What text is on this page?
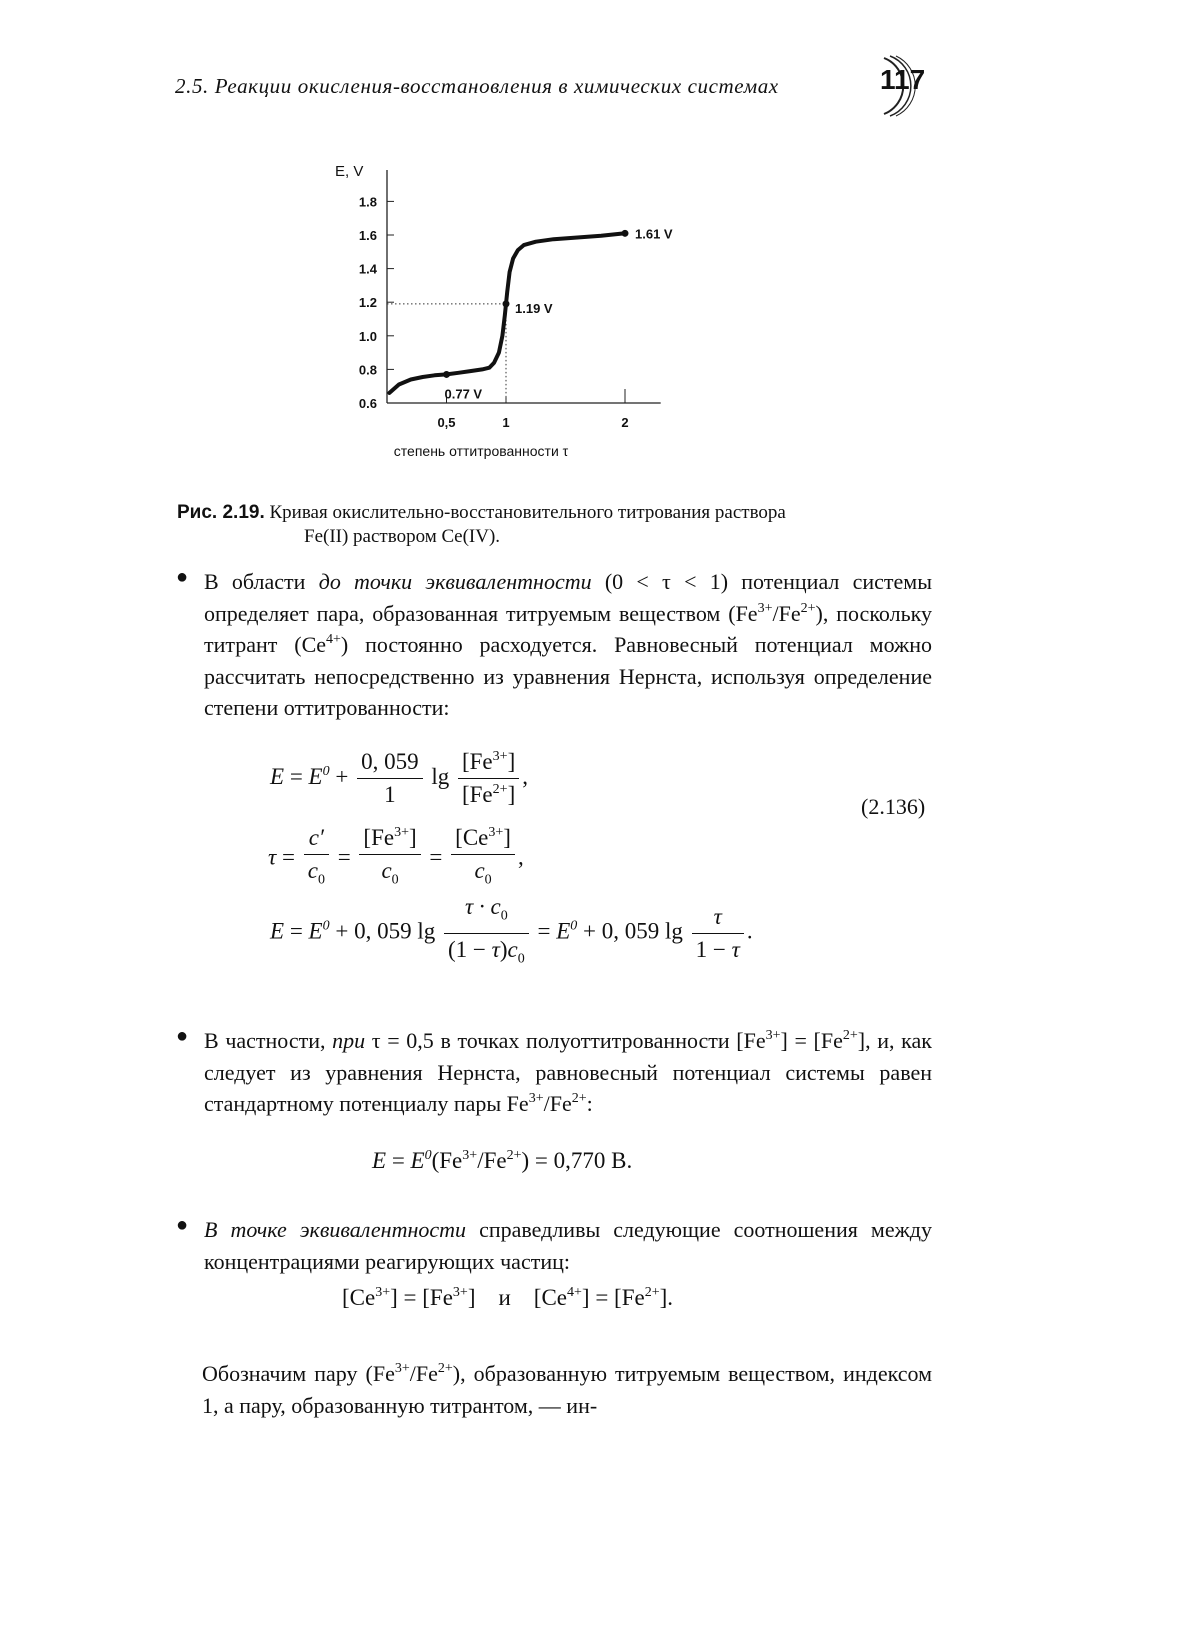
2.5. Реакции окисления-восстановления в химических системах	117
E, V
1.8
1.6
1.4
1.2
1.0
0.8
0.6
0,5	1	2
степень оттитрованности τ
0.77 V
1.19 V
1.61 V
Рис. 2.19. Кривая окислительно-восстановительного титрования раствора
Fe(II) раствором Ce(IV).
● В области до точки эквивалентности (0 < τ < 1) потенциал системы определяет пара, образованная титруемым веществом $(Fe^{3+}/Fe^{2+})$, поскольку титрант $(Ce^{4+})$ постоянно расходуется. Равновесный потенциал можно рассчитать непосредственно из уравнения Нернста, используя определение степени оттитрованности:
$E = E^0 + \frac{0, 059}{1}$ $\lg \frac{[Fe^{3+}]}{[Fe^{2+}]}$ ,
(2.136)
$\tau = \frac{c'}{c_0} = \frac{[Fe^{3+}]}{c_0} = \frac{[Ce^{3+}]}{c_0}$ ,
$E = E^0 + 0$, 059 $\lg \frac{\tau \cdot c_0}{(1 - \tau)c_0} = E^0 + 0$, 059 $\lg \frac{\tau}{1 - \tau}$ .
● В частности, при τ = 0,5 в точках полуоттитрованности $[Fe^{3+}] = [Fe^{2+}]$, и, как следует из уравнения Нернста, равновесный потенциал системы равен стандартному потенциалу пары $Fe^{3+}/Fe^{2+}$:
$E = E^0(Fe^{3+}/Fe^{2+}) = 0,770$ В.
● В точке эквивалентности справедливы следующие соотношения между концентрациями реагирующих частиц:
$[Ce^{3+}] = [Fe^{3+}]$    и    $[Ce^{4+}] = [Fe^{2+}]$.
Обозначим пару $(Fe^{3+}/Fe^{2+})$, образованную титруемым веществом, индексом 1, а пару, образованную титрантом, — ин-
